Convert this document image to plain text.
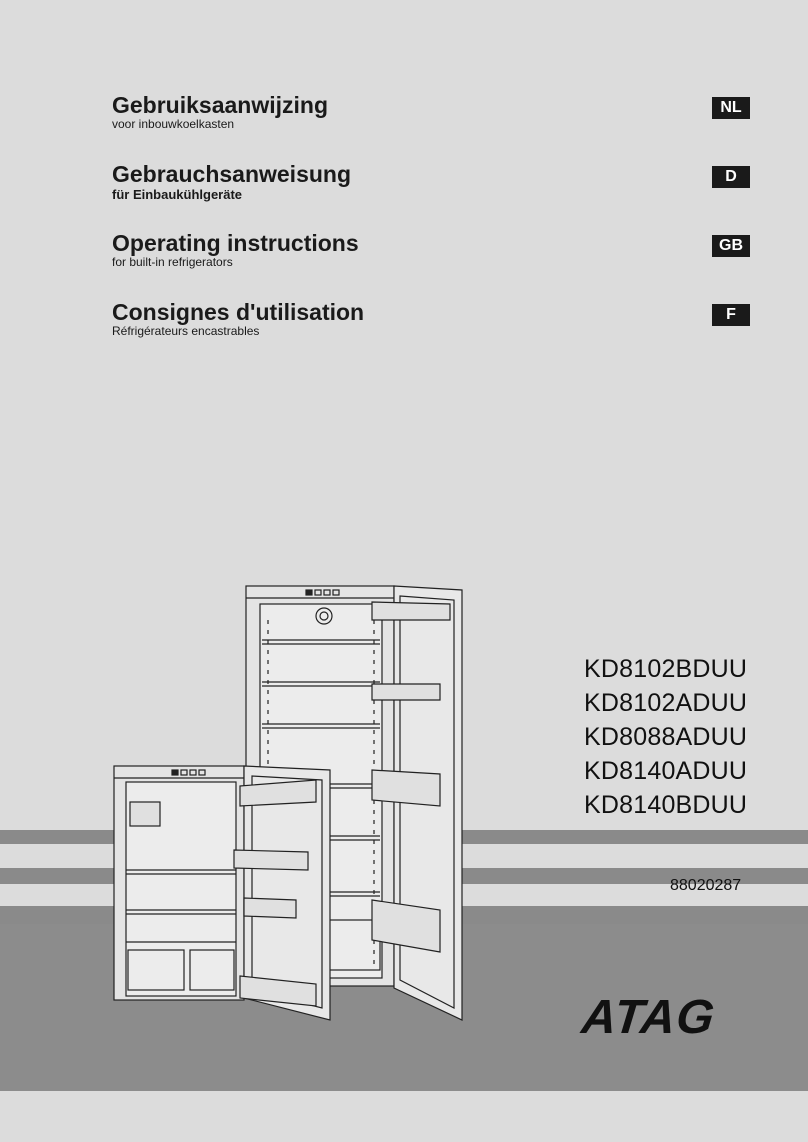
Gebruiksaanwijzing
voor inbouwkoelkasten
NL
Gebrauchsanweisung
für Einbaukühlgeräte
D
Operating instructions
for built-in refrigerators
GB
Consignes d'utilisation
Réfrigérateurs encastrables
F
KD8102BDUU
KD8102ADUU
KD8088ADUU
KD8140ADUU
KD8140BDUU
88020287
ATAG
